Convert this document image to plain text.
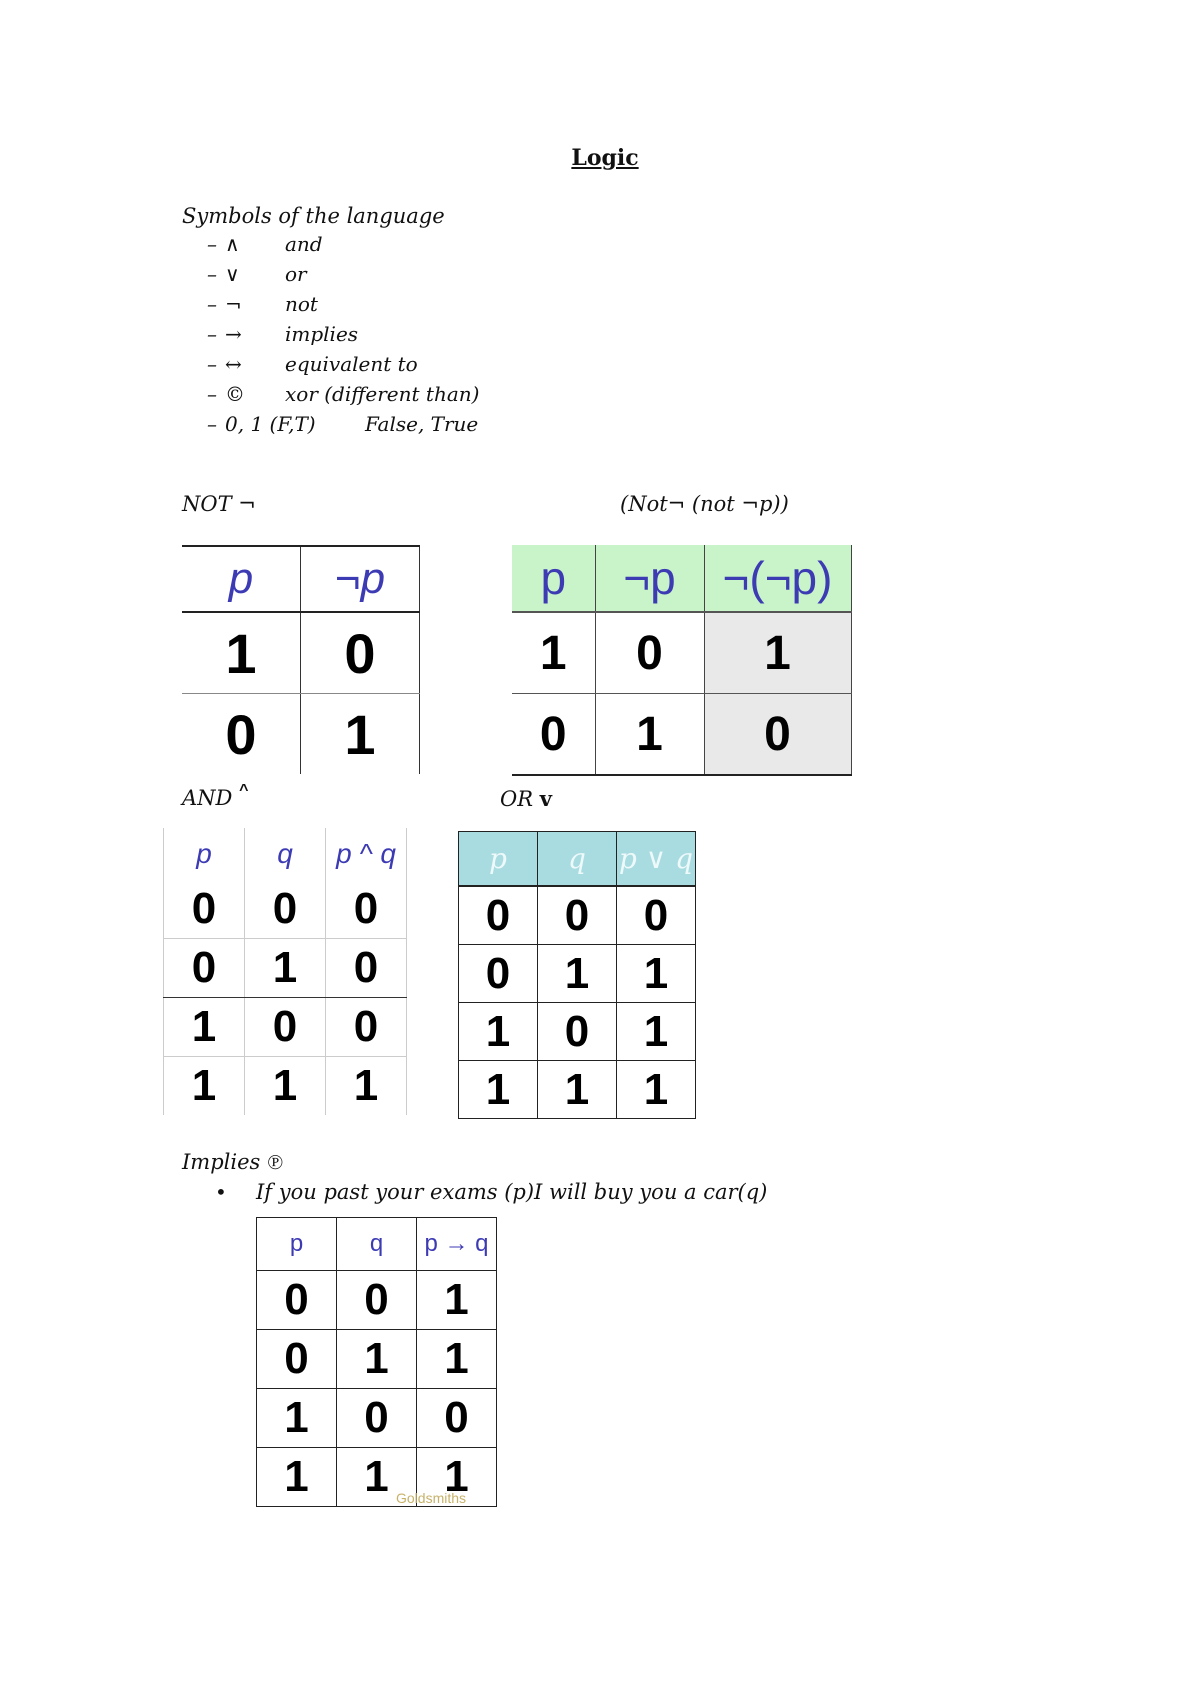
Logic
Symbols of the language
– ∧ and
– ∨ or
– ¬ not
– → implies
– ↔ equivalent to
– © xor (different than)
– 0, 1 (F,T) False, True
NOT ¬	(Not¬ (not ¬p))
p	¬p
1	0
0	1
p	¬p	¬(¬p)
1	0	1
0	1	0
AND ^	OR v
p	q	p ^ q
0	0	0
0	1	0
1	0	0
1	1	1
p	q	p ∨ q
0	0	0
0	1	1
1	0	1
1	1	1
Implies ℗
• If you past your exams (p)I will buy you a car(q)
p	q	p → q
0	0	1
0	1	1
1	0	0
1	1	1
Goldsmiths
